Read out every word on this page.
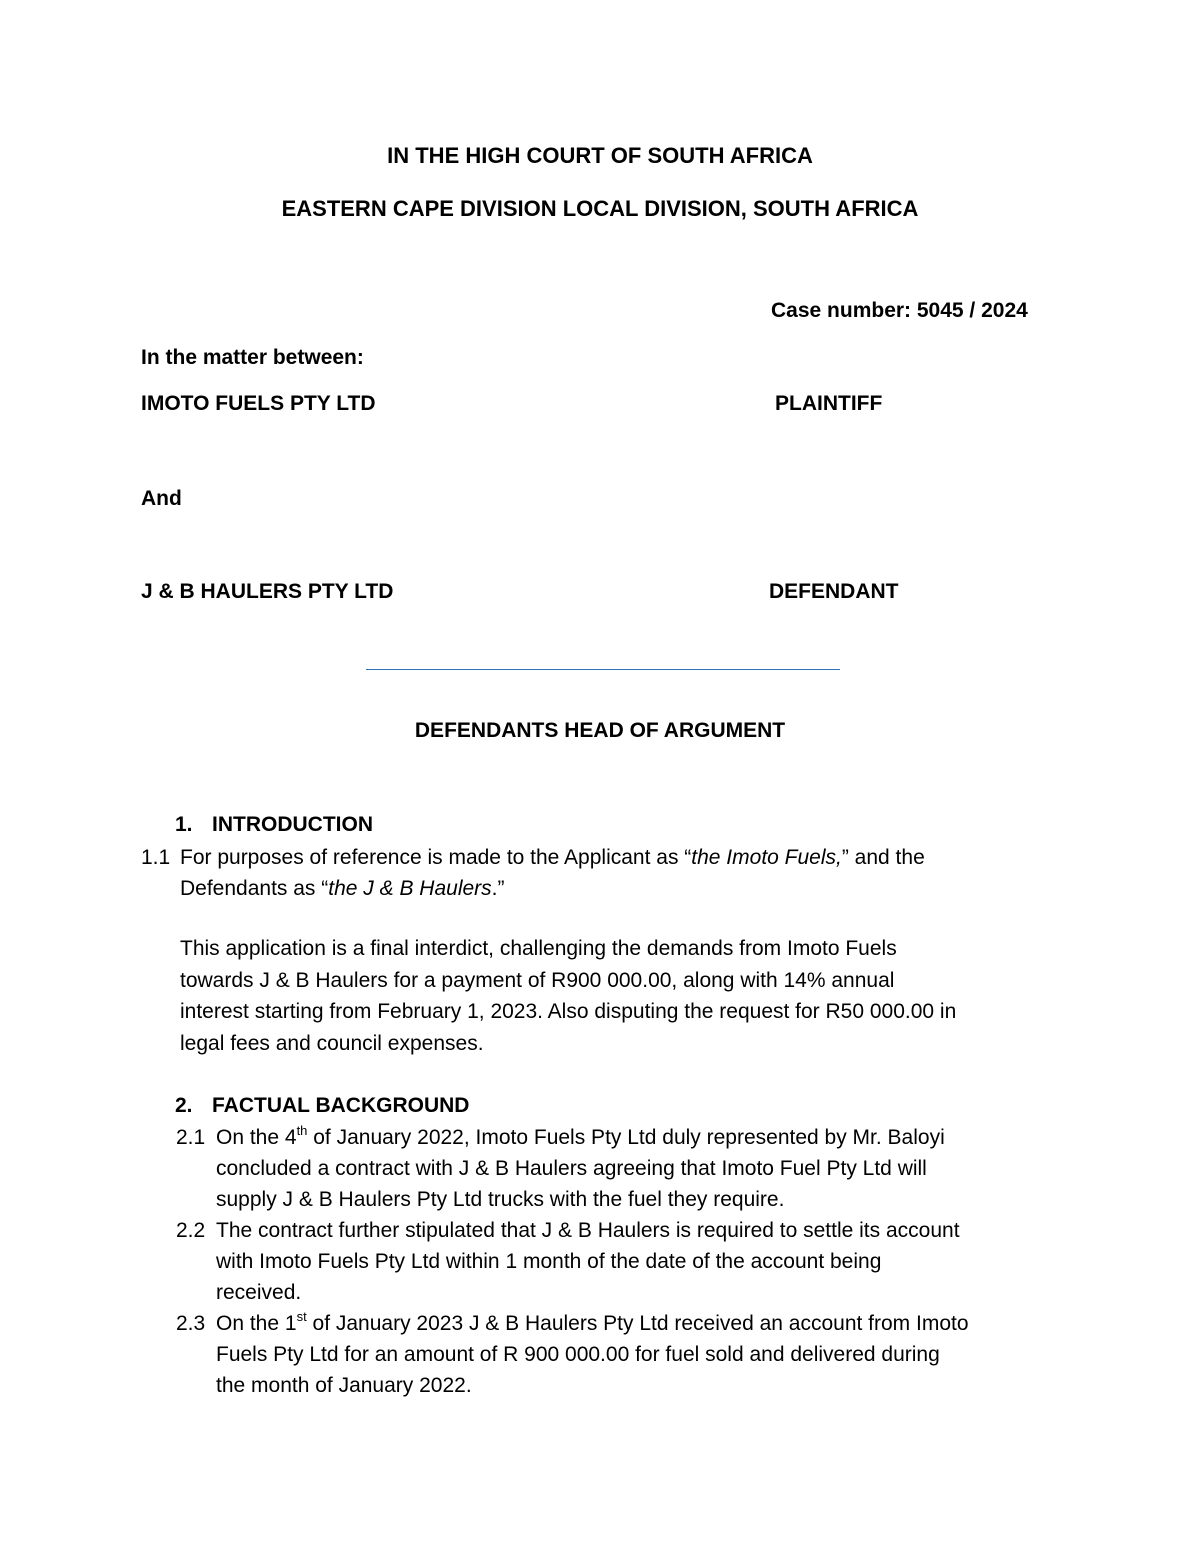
IN THE HIGH COURT OF SOUTH AFRICA
EASTERN CAPE DIVISION LOCAL DIVISION, SOUTH AFRICA
Case number: 5045 / 2024
In the matter between:
IMOTO FUELS PTY LTD	PLAINTIFF
And
J & B HAULERS PTY LTD	DEFENDANT
DEFENDANTS HEAD OF ARGUMENT
1. INTRODUCTION
1.1 For purposes of reference is made to the Applicant as “the Imoto Fuels,” and the
Defendants as “the J & B Haulers.”
This application is a final interdict, challenging the demands from Imoto Fuels
towards J & B Haulers for a payment of R900 000.00, along with 14% annual
interest starting from February 1, 2023. Also disputing the request for R50 000.00 in
legal fees and council expenses.
2. FACTUAL BACKGROUND
2.1 On the 4th of January 2022, Imoto Fuels Pty Ltd duly represented by Mr. Baloyi
concluded a contract with J & B Haulers agreeing that Imoto Fuel Pty Ltd will
supply J & B Haulers Pty Ltd trucks with the fuel they require.
2.2 The contract further stipulated that J & B Haulers is required to settle its account
with Imoto Fuels Pty Ltd within 1 month of the date of the account being
received.
2.3 On the 1st of January 2023 J & B Haulers Pty Ltd received an account from Imoto
Fuels Pty Ltd for an amount of R 900 000.00 for fuel sold and delivered during
the month of January 2022.
